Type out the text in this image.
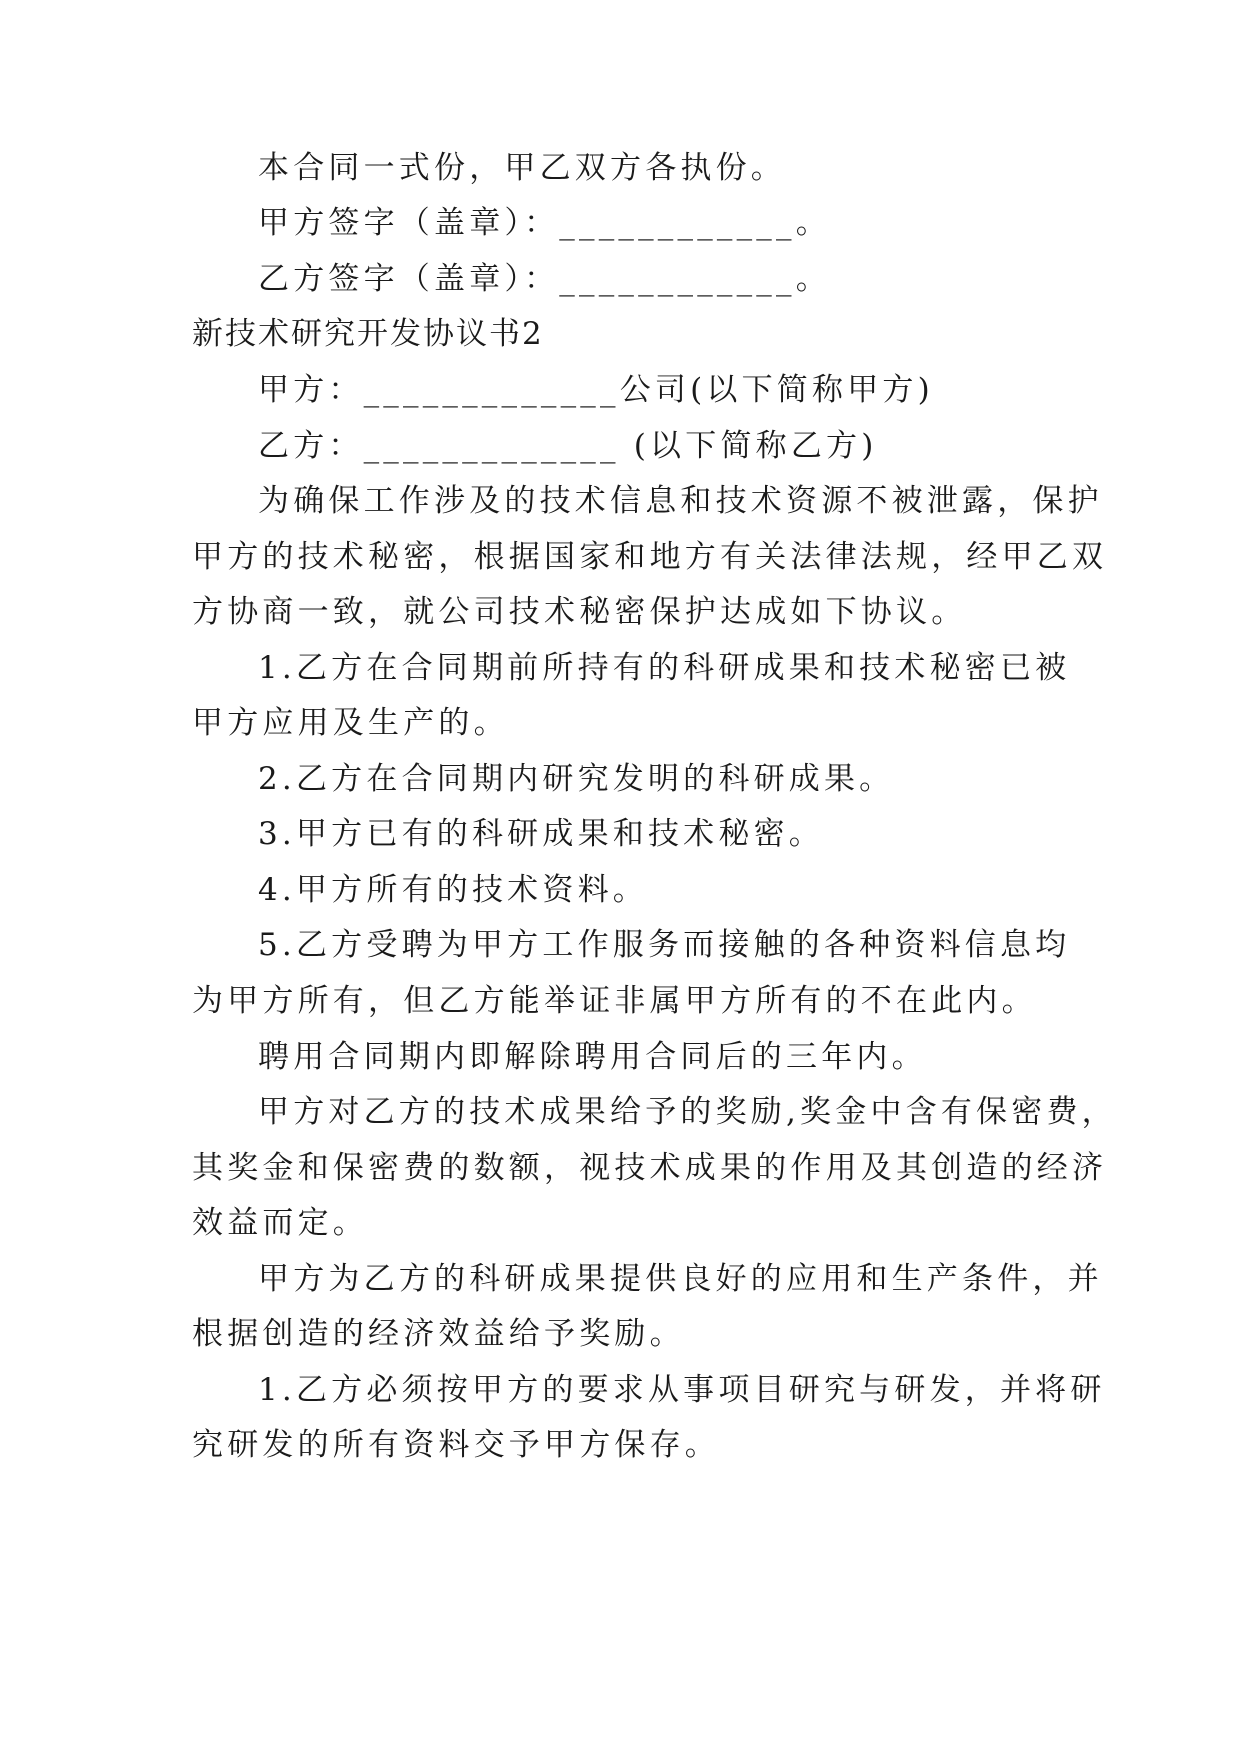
本合同一式份，甲乙双方各执份。
甲方签字（盖章）：____________。
乙方签字（盖章）：____________。
新技术研究开发协议书2
甲方：_____________公司(以下简称甲方)
乙方：_____________ (以下简称乙方)
为确保工作涉及的技术信息和技术资源不被泄露，保护
甲方的技术秘密，根据国家和地方有关法律法规，经甲乙双
方协商一致，就公司技术秘密保护达成如下协议。
1.乙方在合同期前所持有的科研成果和技术秘密已被
甲方应用及生产的。
2.乙方在合同期内研究发明的科研成果。
3.甲方已有的科研成果和技术秘密。
4.甲方所有的技术资料。
5.乙方受聘为甲方工作服务而接触的各种资料信息均
为甲方所有，但乙方能举证非属甲方所有的不在此内。
聘用合同期内即解除聘用合同后的三年内。
甲方对乙方的技术成果给予的奖励,奖金中含有保密费，
其奖金和保密费的数额，视技术成果的作用及其创造的经济
效益而定。
甲方为乙方的科研成果提供良好的应用和生产条件，并
根据创造的经济效益给予奖励。
1.乙方必须按甲方的要求从事项目研究与研发，并将研
究研发的所有资料交予甲方保存。
